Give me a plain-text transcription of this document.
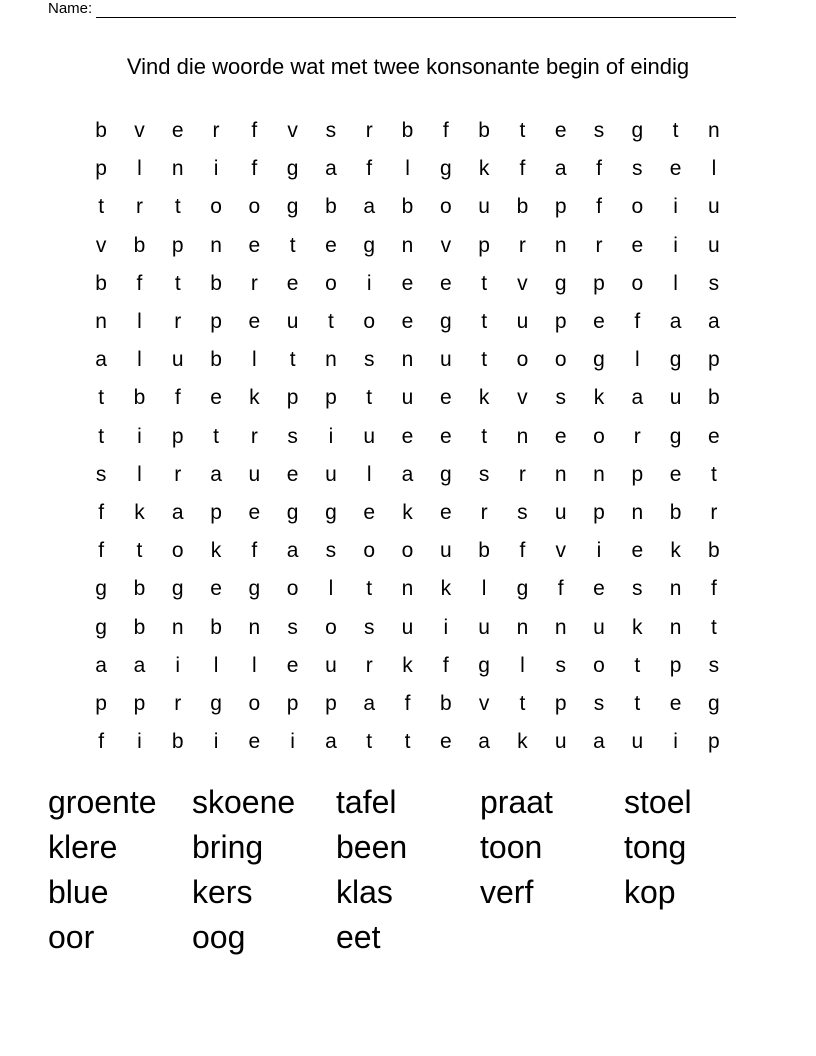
Name:
Vind die woorde wat met twee konsonante begin of eindig
b	v	e	r	f	v	s	r	b	f	b	t	e	s	g	t	n
p	l	n	i	f	g	a	f	l	g	k	f	a	f	s	e	l
t	r	t	o	o	g	b	a	b	o	u	b	p	f	o	i	u
v	b	p	n	e	t	e	g	n	v	p	r	n	r	e	i	u
b	f	t	b	r	e	o	i	e	e	t	v	g	p	o	l	s
n	l	r	p	e	u	t	o	e	g	t	u	p	e	f	a	a
a	l	u	b	l	t	n	s	n	u	t	o	o	g	l	g	p
t	b	f	e	k	p	p	t	u	e	k	v	s	k	a	u	b
t	i	p	t	r	s	i	u	e	e	t	n	e	o	r	g	e
s	l	r	a	u	e	u	l	a	g	s	r	n	n	p	e	t
f	k	a	p	e	g	g	e	k	e	r	s	u	p	n	b	r
f	t	o	k	f	a	s	o	o	u	b	f	v	i	e	k	b
g	b	g	e	g	o	l	t	n	k	l	g	f	e	s	n	f
g	b	n	b	n	s	o	s	u	i	u	n	n	u	k	n	t
a	a	i	l	l	e	u	r	k	f	g	l	s	o	t	p	s
p	p	r	g	o	p	p	a	f	b	v	t	p	s	t	e	g
f	i	b	i	e	i	a	t	t	e	a	k	u	a	u	i	p
groente	skoene	tafel	praat	stoel
klere	bring	been	toon	tong
blue	kers	klas	verf	kop
oor	oog	eet
